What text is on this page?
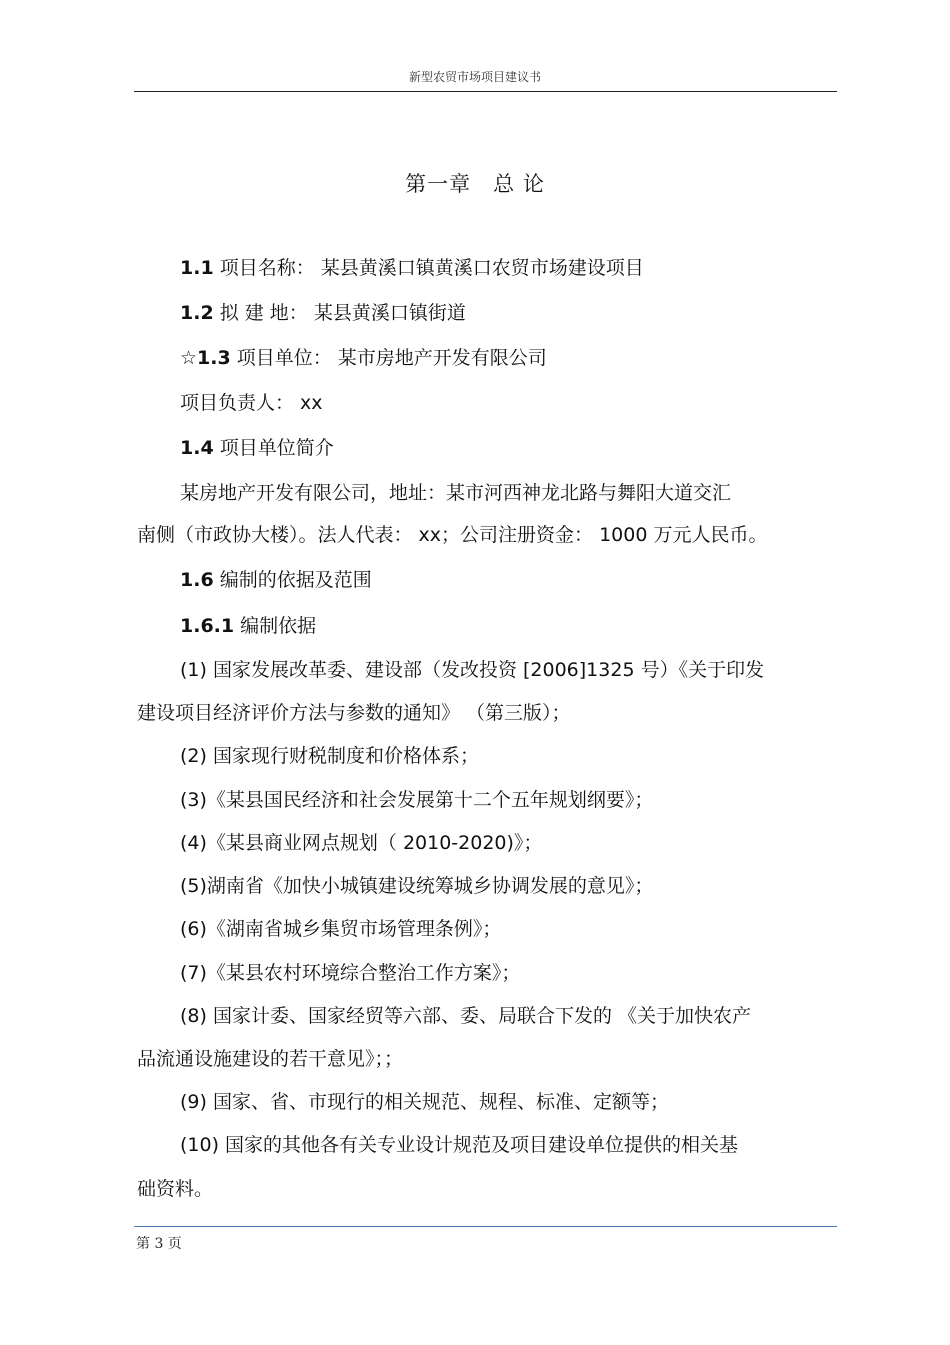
新型农贸市场项目建议书
第一章　总 论
1.1 项目名称： 某县黄溪口镇黄溪口农贸市场建设项目
1.2 拟 建 地： 某县黄溪口镇街道
☆1.3 项目单位： 某市房地产开发有限公司
项目负责人： xx
1.4 项目单位简介
某房地产开发有限公司，地址：某市河西神龙北路与舞阳大道交汇
南侧（市政协大楼）。法人代表： xx；公司注册资金： 1000 万元人民币。
1.6 编制的依据及范围
1.6.1 编制依据
(1) 国家发展改革委、建设部（发改投资 [2006]1325 号）《关于印发
建设项目经济评价方法与参数的通知》 （第三版）；
(2) 国家现行财税制度和价格体系；
(3)《某县国民经济和社会发展第十二个五年规划纲要》；
(4)《某县商业网点规划（ 2010-2020)》；
(5)湖南省《加快小城镇建设统筹城乡协调发展的意见》；
(6)《湖南省城乡集贸市场管理条例》；
(7)《某县农村环境综合整治工作方案》；
(8) 国家计委、国家经贸等六部、委、局联合下发的 《关于加快农产
品流通设施建设的若干意见》；；
(9) 国家、省、市现行的相关规范、规程、标准、定额等；
(10) 国家的其他各有关专业设计规范及项目建设单位提供的相关基
础资料。
第 3 页
